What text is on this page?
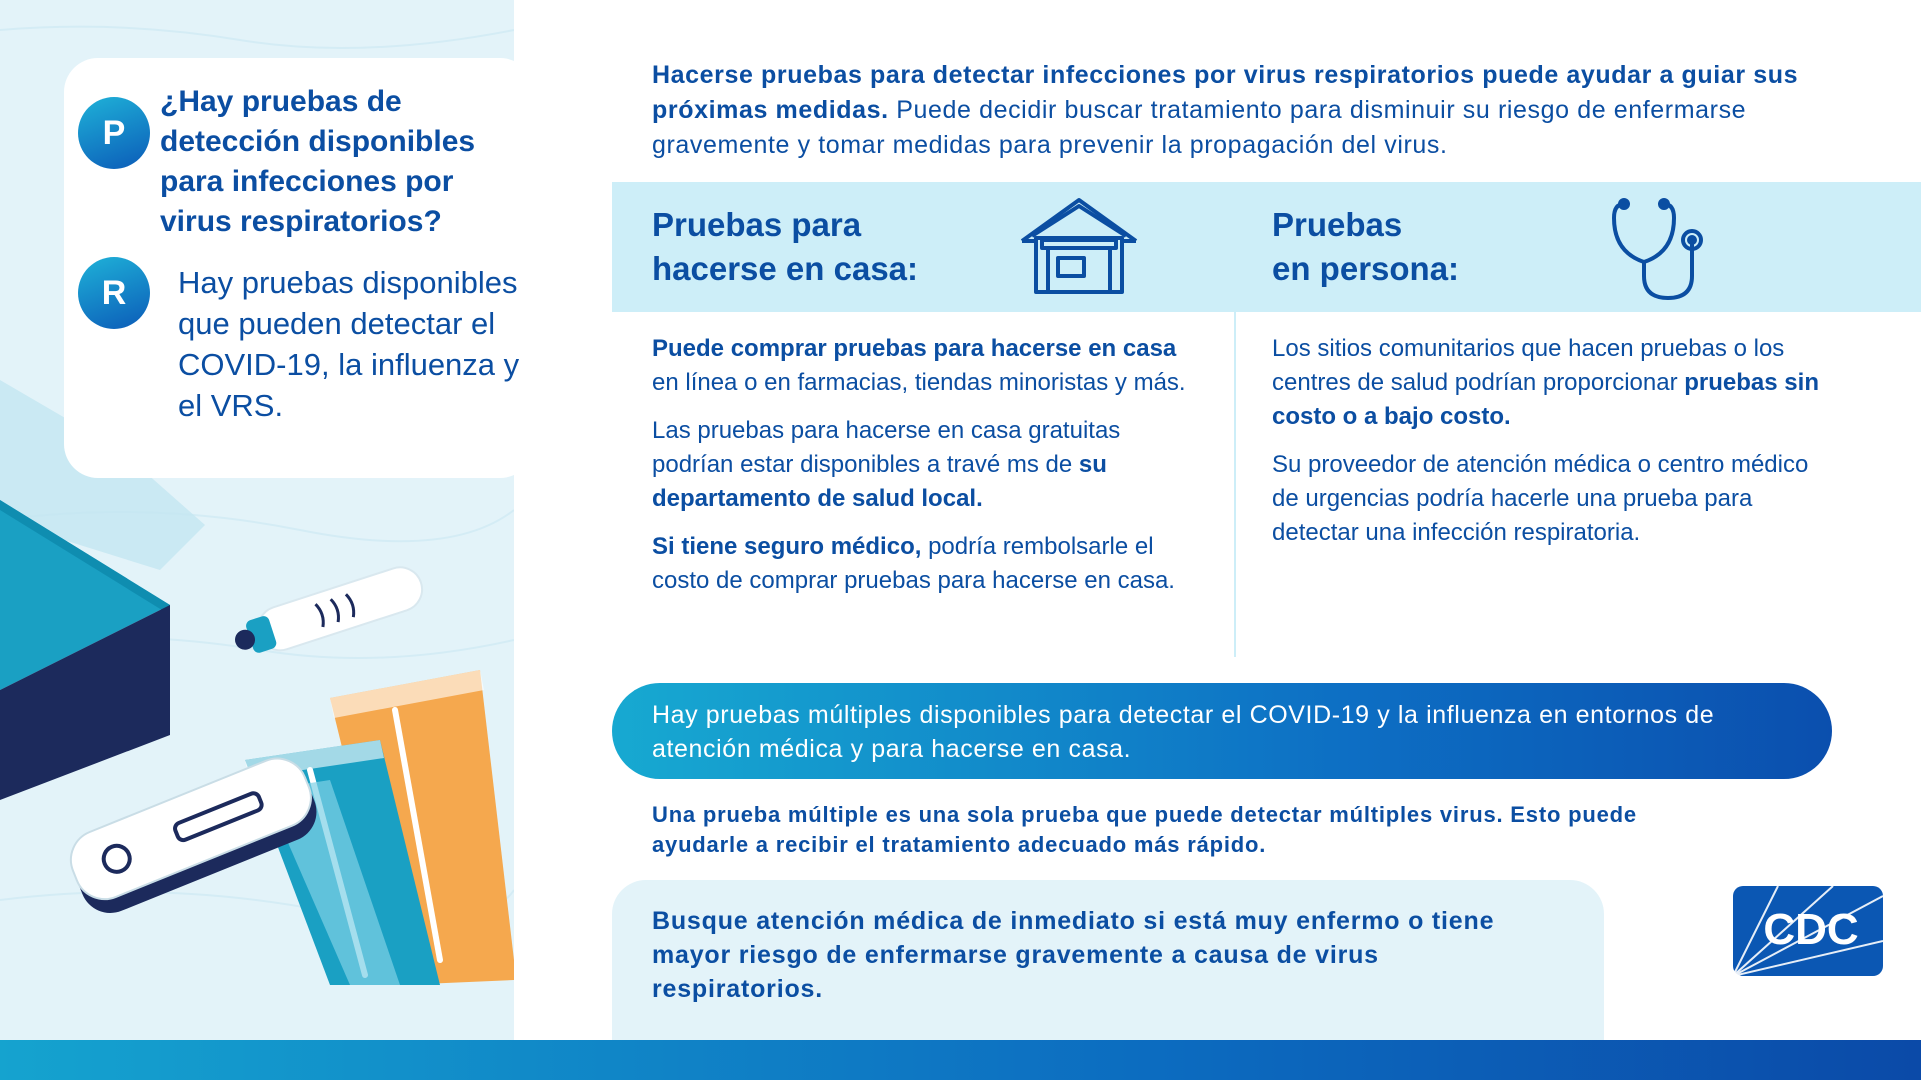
P
¿Hay pruebas de detección disponibles para infecciones por virus respiratorios?
R	Hay pruebas disponibles que pueden detectar el COVID-19, la influenza y el VRS.
Hacerse pruebas para detectar infecciones por virus respiratorios puede ayudar a guiar sus próximas medidas. Puede decidir buscar tratamiento para disminuir su riesgo de enfermarse gravemente y tomar medidas para prevenir la propagación del virus.
Pruebas para
hacerse en casa:
Pruebas
en persona:

Puede comprar pruebas para hacerse en casa en línea o en farmacias, tiendas minoristas y más.

Las pruebas para hacerse en casa gratuitas podrían estar disponibles a travé ms de su departamento de salud local.

Si tiene seguro médico, podría rembolsarle el costo de comprar pruebas para hacerse en casa.

Los sitios comunitarios que hacen pruebas o los centres de salud podrían proporcionar pruebas sin costo o a bajo costo.

Su proveedor de atención médica o centro médico de urgencias podría hacerle una prueba para detectar una infección respiratoria.

Hay pruebas múltiples disponibles para detectar el COVID-19 y la influenza en entornos de atención médica y para hacerse en casa.
Una prueba múltiple es una sola prueba que puede detectar múltiples virus. Esto puede ayudarle a recibir el tratamiento adecuado más rápido.
Busque atención médica de inmediato si está muy enfermo o tiene mayor riesgo de enfermarse gravemente a causa de virus respiratorios.
CDC
